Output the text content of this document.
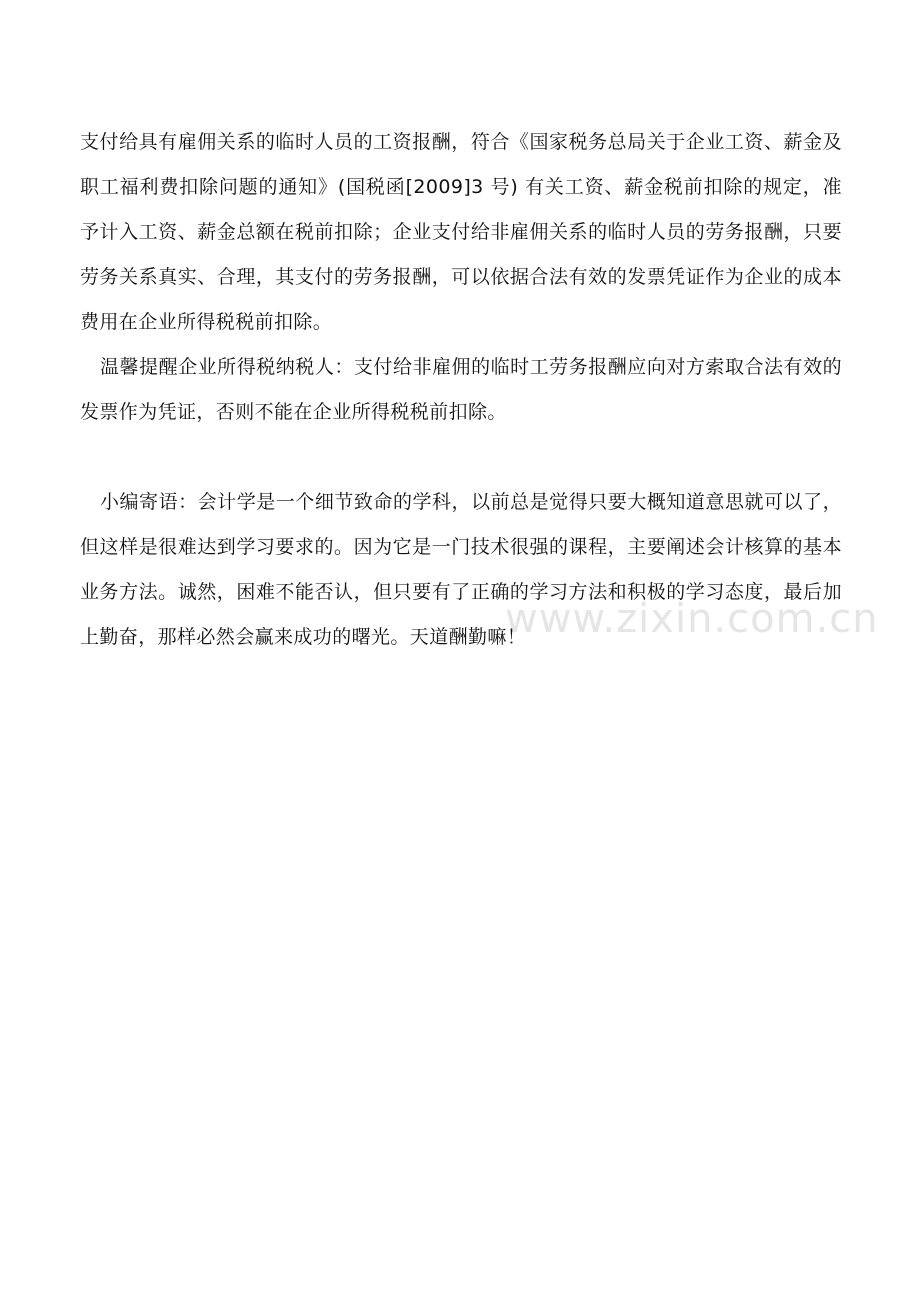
支付给具有雇佣关系的临时人员的工资报酬，符合《国家税务总局关于企业工资、薪金及职工福利费扣除问题的通知》(国税函[2009]3 号) 有关工资、薪金税前扣除的规定，准予计入工资、薪金总额在税前扣除；企业支付给非雇佣关系的临时人员的劳务报酬，只要劳务关系真实、合理，其支付的劳务报酬，可以依据合法有效的发票凭证作为企业的成本费用在企业所得税税前扣除。

温馨提醒企业所得税纳税人：支付给非雇佣的临时工劳务报酬应向对方索取合法有效的发票作为凭证，否则不能在企业所得税税前扣除。

小编寄语：会计学是一个细节致命的学科，以前总是觉得只要大概知道意思就可以了，但这样是很难达到学习要求的。因为它是一门技术很强的课程，主要阐述会计核算的基本业务方法。诚然，困难不能否认，但只要有了正确的学习方法和积极的学习态度，最后加上勤奋，那样必然会赢来成功的曙光。天道酬勤嘛！

www.zixin.com.cn
